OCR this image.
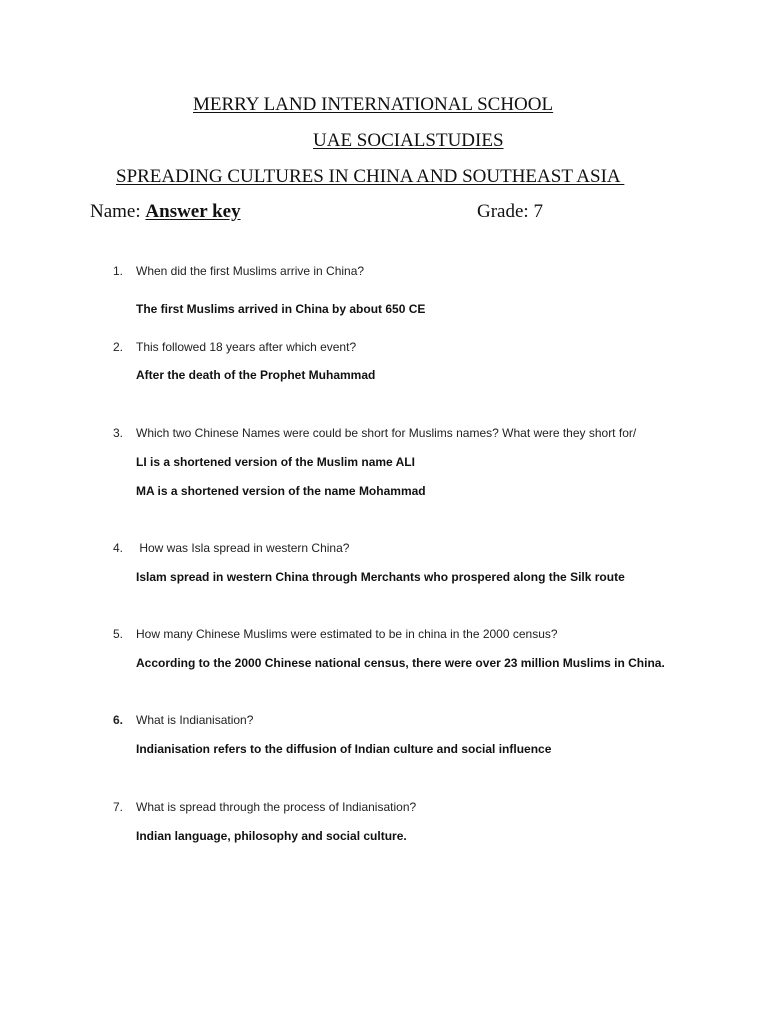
MERRY LAND INTERNATIONAL SCHOOL
UAE SOCIALSTUDIES
SPREADING CULTURES IN CHINA AND SOUTHEAST ASIA
Name: Answer key	Grade: 7
1. When did the first Muslims arrive in China?
The first Muslims arrived in China by about 650 CE
2. This followed 18 years after which event?
After the death of the Prophet Muhammad
3. Which two Chinese Names were could be short for Muslims names? What were they short for/
LI is a shortened version of the Muslim name ALI
MA is a shortened version of the name Mohammad
4. How was Isla spread in western China?
Islam spread in western China through Merchants who prospered along the Silk route
5. How many Chinese Muslims were estimated to be in china in the 2000 census?
According to the 2000 Chinese national census, there were over 23 million Muslims in China.
6. What is Indianisation?
Indianisation refers to the diffusion of Indian culture and social influence
7. What is spread through the process of Indianisation?
Indian language, philosophy and social culture.
